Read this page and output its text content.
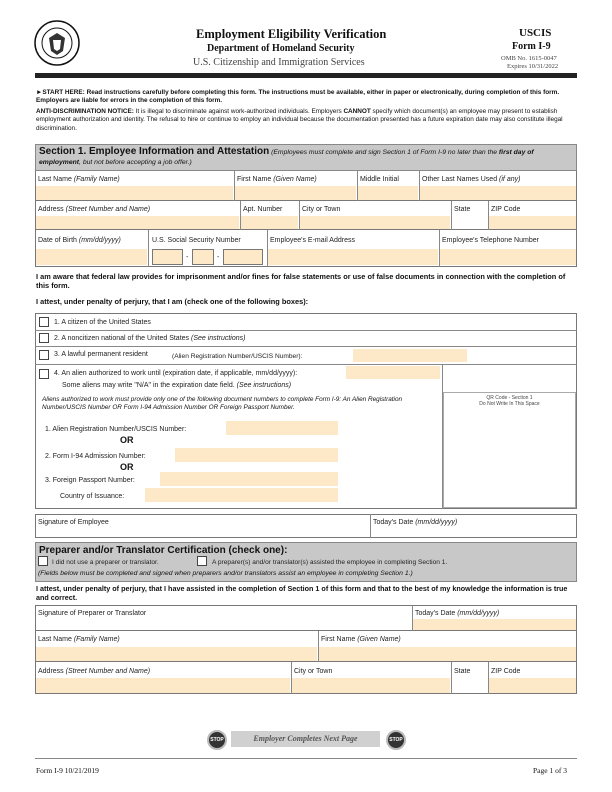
Employment Eligibility Verification
Department of Homeland Security
U.S. Citizenship and Immigration Services
USCIS
Form I-9
OMB No. 1615-0047
Expires 10/31/2022
►START HERE: Read instructions carefully before completing this form. The instructions must be available, either in paper or electronically, during completion of this form. Employers are liable for errors in the completion of this form.
ANTI-DISCRIMINATION NOTICE: It is illegal to discriminate against work-authorized individuals. Employers CANNOT specify which document(s) an employee may present to establish employment authorization and identity. The refusal to hire or continue to employ an individual because the documentation presented has a future expiration date may also constitute illegal discrimination.
Section 1. Employee Information and Attestation (Employees must complete and sign Section 1 of Form I-9 no later than the first day of employment, but not before accepting a job offer.)
Last Name (Family Name)	First Name (Given Name)	Middle Initial	Other Last Names Used (if any)
Address (Street Number and Name)	Apt. Number	City or Town	State	ZIP Code
Date of Birth (mm/dd/yyyy)	U.S. Social Security Number	Employee's E-mail Address	Employee's Telephone Number
-	-
I am aware that federal law provides for imprisonment and/or fines for false statements or use of false documents in connection with the completion of this form.
I attest, under penalty of perjury, that I am (check one of the following boxes):
1. A citizen of the United States
2. A noncitizen national of the United States (See instructions)
3. A lawful permanent resident	(Alien Registration Number/USCIS Number):
4. An alien authorized to work until (expiration date, if applicable, mm/dd/yyyy):
Some aliens may write "N/A" in the expiration date field. (See instructions)
Aliens authorized to work must provide only one of the following document numbers to complete Form I-9: An Alien Registration Number/USCIS Number OR Form I-94 Admission Number OR Foreign Passport Number.
1. Alien Registration Number/USCIS Number:
OR
2. Form I-94 Admission Number:
OR
3. Foreign Passport Number:
Country of Issuance:
QR Code - Section 1
Do Not Write In This Space
Signature of Employee	Today's Date (mm/dd/yyyy)
Preparer and/or Translator Certification (check one):
I did not use a preparer or translator.	A preparer(s) and/or translator(s) assisted the employee in completing Section 1.
(Fields below must be completed and signed when preparers and/or translators assist an employee in completing Section 1.)
I attest, under penalty of perjury, that I have assisted in the completion of Section 1 of this form and that to the best of my knowledge the information is true and correct.
Signature of Preparer or Translator	Today's Date (mm/dd/yyyy)
Last Name (Family Name)	First Name (Given Name)
Address (Street Number and Name)	City or Town	State	ZIP Code
STOP	Employer Completes Next Page	STOP
Form I-9 10/21/2019	Page 1 of 3
